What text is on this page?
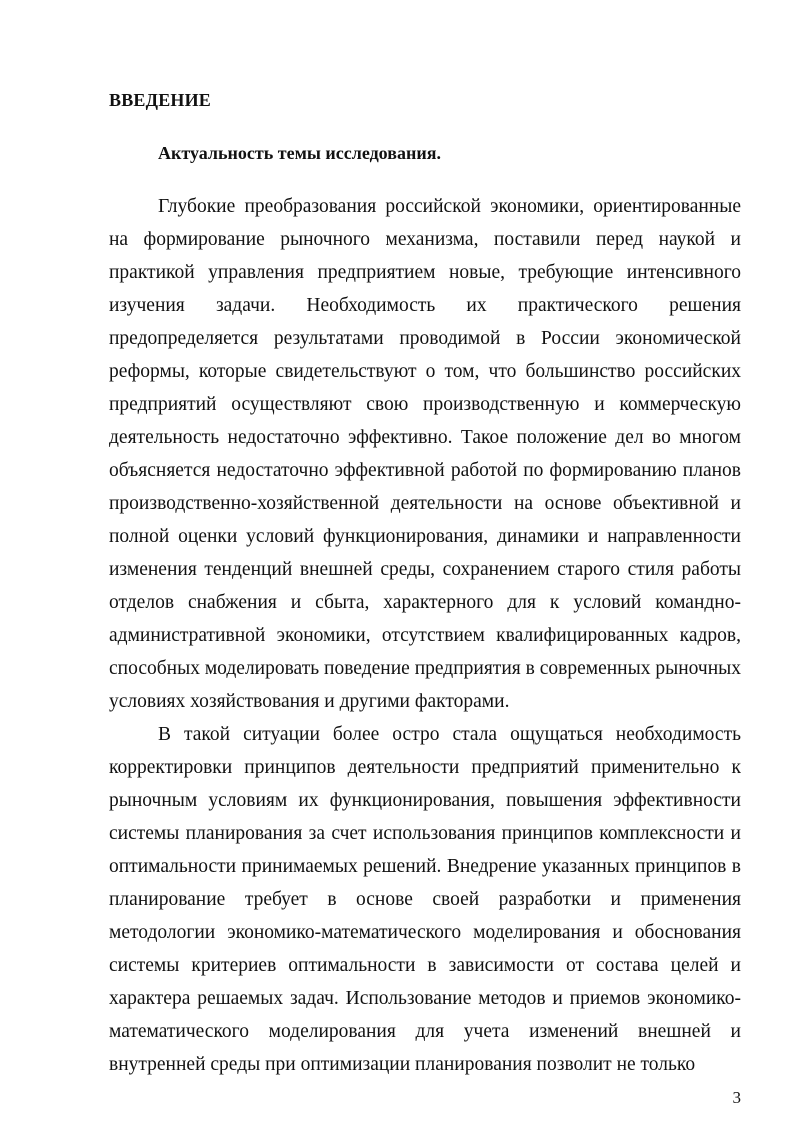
ВВЕДЕНИЕ
Актуальность темы исследования.

Глубокие преобразования российской экономики, ориентированные на формирование рыночного механизма, поставили перед наукой и практикой управления предприятием новые, требующие интенсивного изучения задачи. Необходимость их практического решения предопределяется результатами проводимой в России экономической реформы, которые свидетельствуют о том, что большинство российских предприятий осуществляют свою производственную и коммерческую деятельность недостаточно эффективно. Такое положение дел во многом объясняется недостаточно эффективной работой по формированию планов производственно-хозяйственной деятельности на основе объективной и полной оценки условий функционирования, динамики и направленности изменения тенденций внешней среды, сохранением старого стиля работы отделов снабжения и сбыта, характерного для к условий командно-административной экономики, отсутствием квалифицированных кадров, способных моделировать поведение предприятия в современных рыночных условиях хозяйствования и другими факторами.

В такой ситуации более остро стала ощущаться необходимость корректировки принципов деятельности предприятий применительно к рыночным условиям их функционирования, повышения эффективности системы планирования за счет использования принципов комплексности и оптимальности принимаемых решений. Внедрение указанных принципов в планирование требует в основе своей разработки и применения методологии экономико-математического моделирования и обоснования системы критериев оптимальности в зависимости от состава целей и характера решаемых задач. Использование методов и приемов экономико-математического моделирования для учета изменений внешней и внутренней среды при оптимизации планирования позволит не только

3
